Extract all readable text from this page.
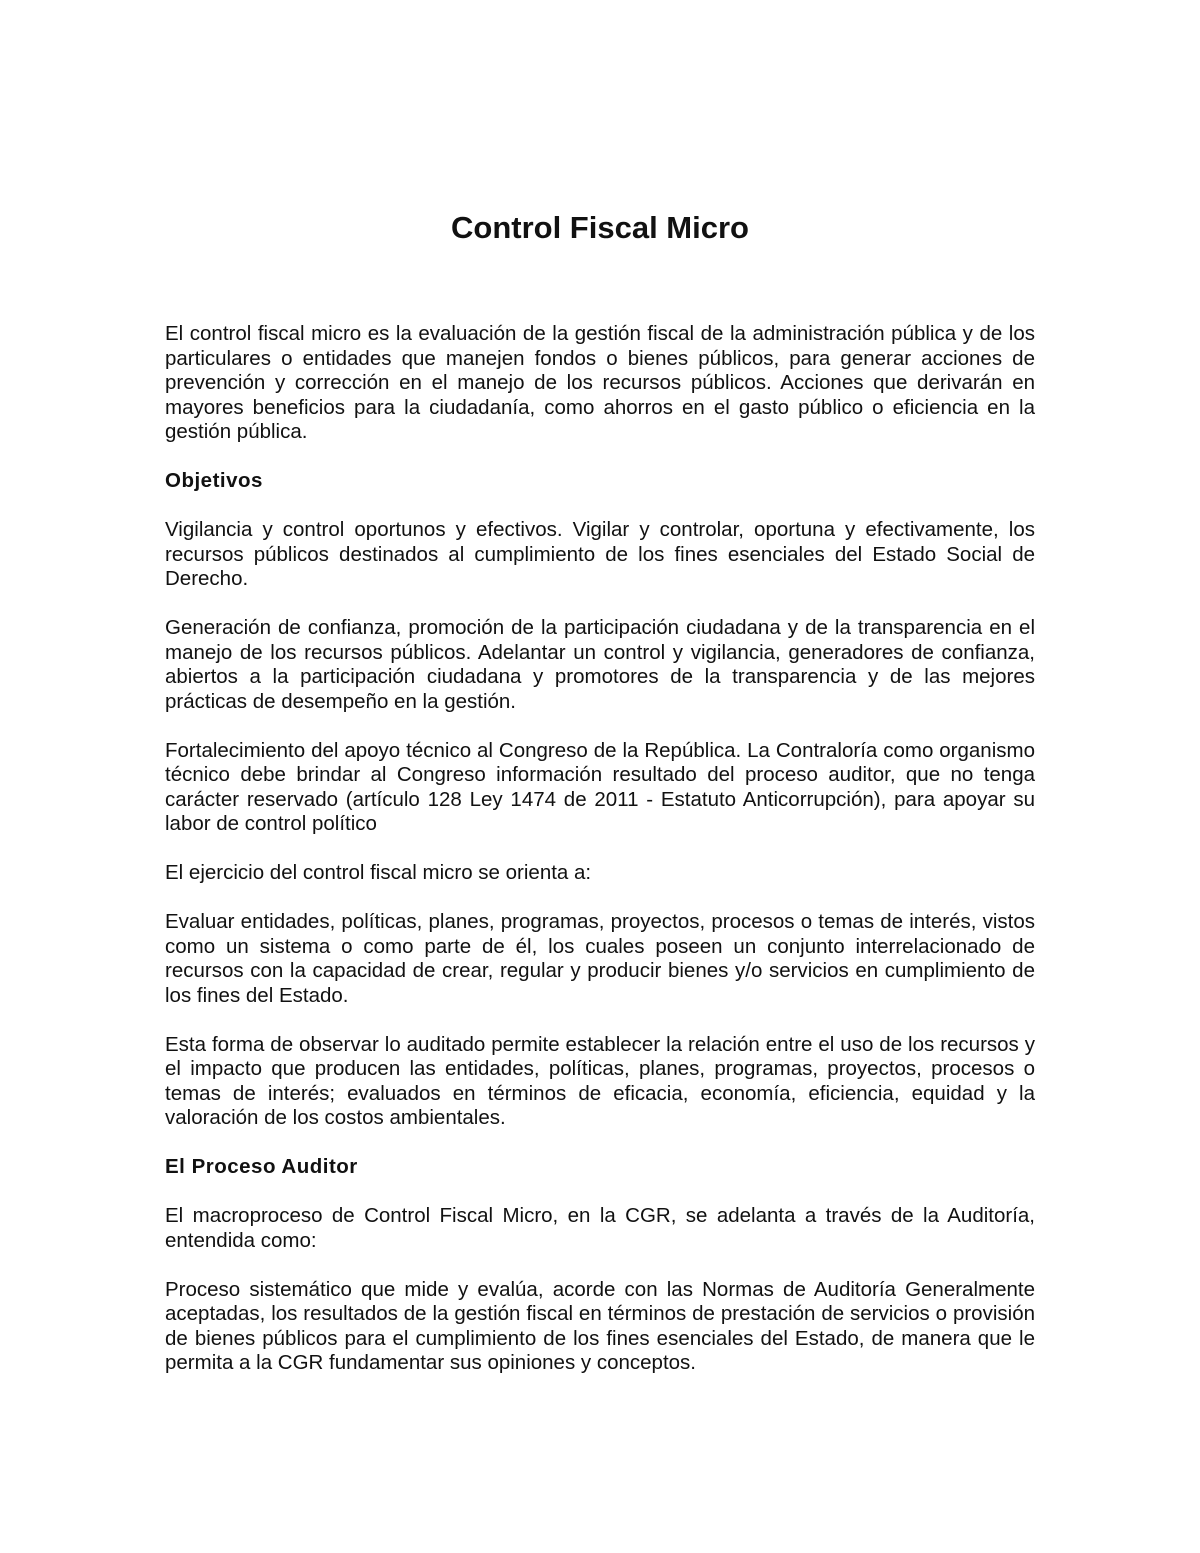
Control Fiscal Micro

El control fiscal micro es la evaluación de la gestión fiscal de la administración pública y de los particulares o entidades que manejen fondos o bienes públicos, para generar acciones de prevención y corrección en el manejo de los recursos públicos. Acciones que derivarán en mayores beneficios para la ciudadanía, como ahorros en el gasto público o eficiencia en la gestión pública.

Objetivos

Vigilancia y control oportunos y efectivos. Vigilar y controlar, oportuna y efectivamente, los recursos públicos destinados al cumplimiento de los fines esenciales del Estado Social de Derecho.

Generación de confianza, promoción de la participación ciudadana y de la transparencia en el manejo de los recursos públicos. Adelantar un control y vigilancia, generadores de confianza, abiertos a la participación ciudadana y promotores de la transparencia y de las mejores prácticas de desempeño en la gestión.

Fortalecimiento del apoyo técnico al Congreso de la República. La Contraloría como organismo técnico debe brindar al Congreso información resultado del proceso auditor, que no tenga carácter reservado (artículo 128 Ley 1474 de 2011 - Estatuto Anticorrupción), para apoyar su labor de control político

El ejercicio del control fiscal micro se orienta a:

Evaluar entidades, políticas, planes, programas, proyectos, procesos o temas de interés, vistos como un sistema o como parte de él, los cuales poseen un conjunto interrelacionado de recursos con la capacidad de crear, regular y producir bienes y/o servicios en cumplimiento de los fines del Estado.

Esta forma de observar lo auditado permite establecer la relación entre el uso de los recursos y el impacto que producen las entidades, políticas, planes, programas, proyectos, procesos o temas de interés; evaluados en términos de eficacia, economía, eficiencia, equidad y la valoración de los costos ambientales.

El Proceso Auditor

El macroproceso de Control Fiscal Micro, en la CGR, se adelanta a través de la Auditoría, entendida como:

Proceso sistemático que mide y evalúa, acorde con las Normas de Auditoría Generalmente aceptadas, los resultados de la gestión fiscal en términos de prestación de servicios o provisión de bienes públicos para el cumplimiento de los fines esenciales del Estado, de manera que le permita a la CGR fundamentar sus opiniones y conceptos.
